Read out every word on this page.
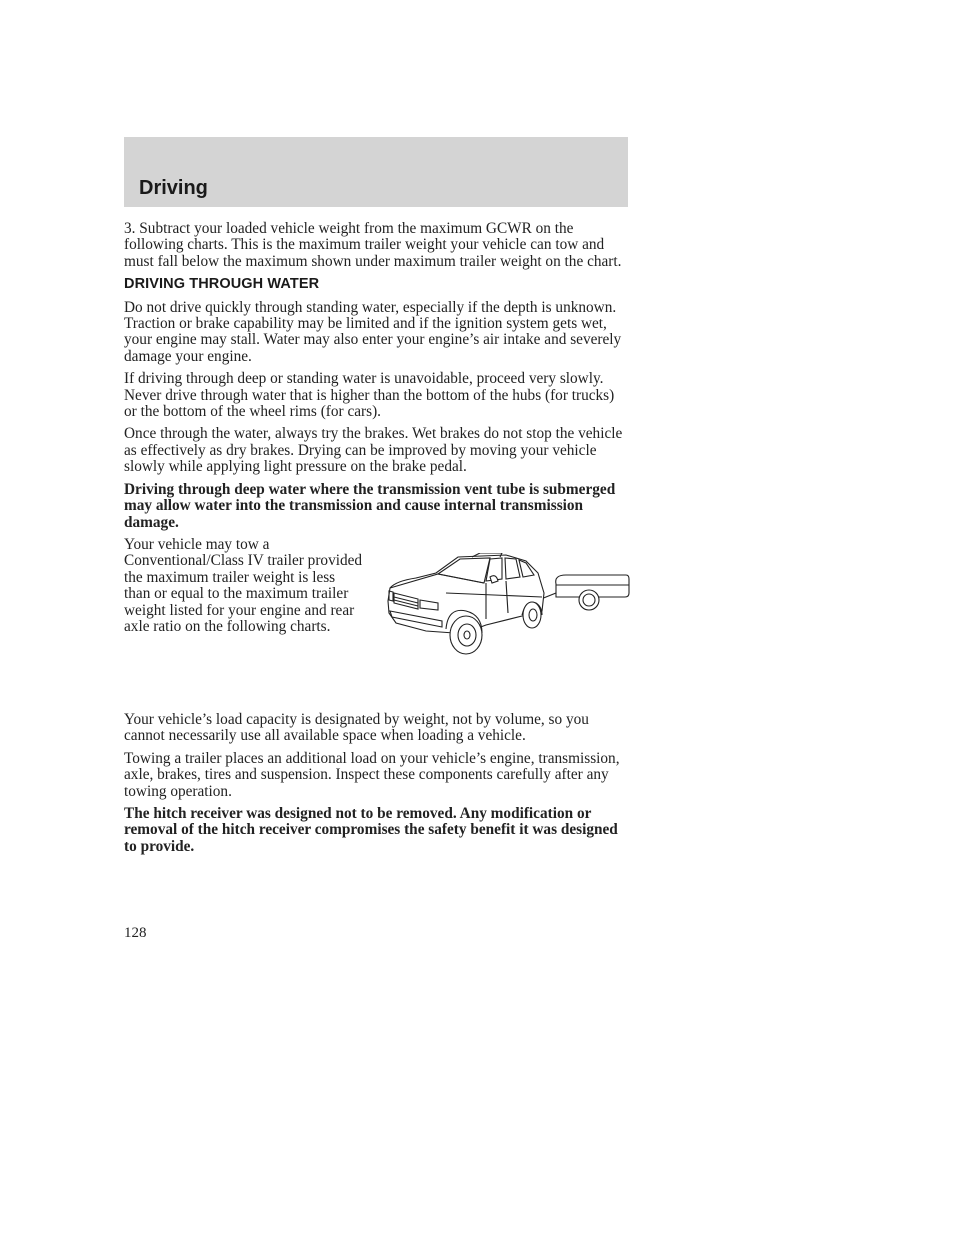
Driving

3. Subtract your loaded vehicle weight from the maximum GCWR on the following charts. This is the maximum trailer weight your vehicle can tow and must fall below the maximum shown under maximum trailer weight on the chart.

DRIVING THROUGH WATER

Do not drive quickly through standing water, especially if the depth is unknown. Traction or brake capability may be limited and if the ignition system gets wet, your engine may stall. Water may also enter your engine’s air intake and severely damage your engine.

If driving through deep or standing water is unavoidable, proceed very slowly. Never drive through water that is higher than the bottom of the hubs (for trucks) or the bottom of the wheel rims (for cars).

Once through the water, always try the brakes. Wet brakes do not stop the vehicle as effectively as dry brakes. Drying can be improved by moving your vehicle slowly while applying light pressure on the brake pedal.

Driving through deep water where the transmission vent tube is submerged may allow water into the transmission and cause internal transmission damage.

Your vehicle may tow a Conventional/Class IV trailer provided the maximum trailer weight is less than or equal to the maximum trailer weight listed for your engine and rear axle ratio on the following charts.

Your vehicle’s load capacity is designated by weight, not by volume, so you cannot necessarily use all available space when loading a vehicle.

Towing a trailer places an additional load on your vehicle’s engine, transmission, axle, brakes, tires and suspension. Inspect these components carefully after any towing operation.

The hitch receiver was designed not to be removed. Any modification or removal of the hitch receiver compromises the safety benefit it was designed to provide.

128
